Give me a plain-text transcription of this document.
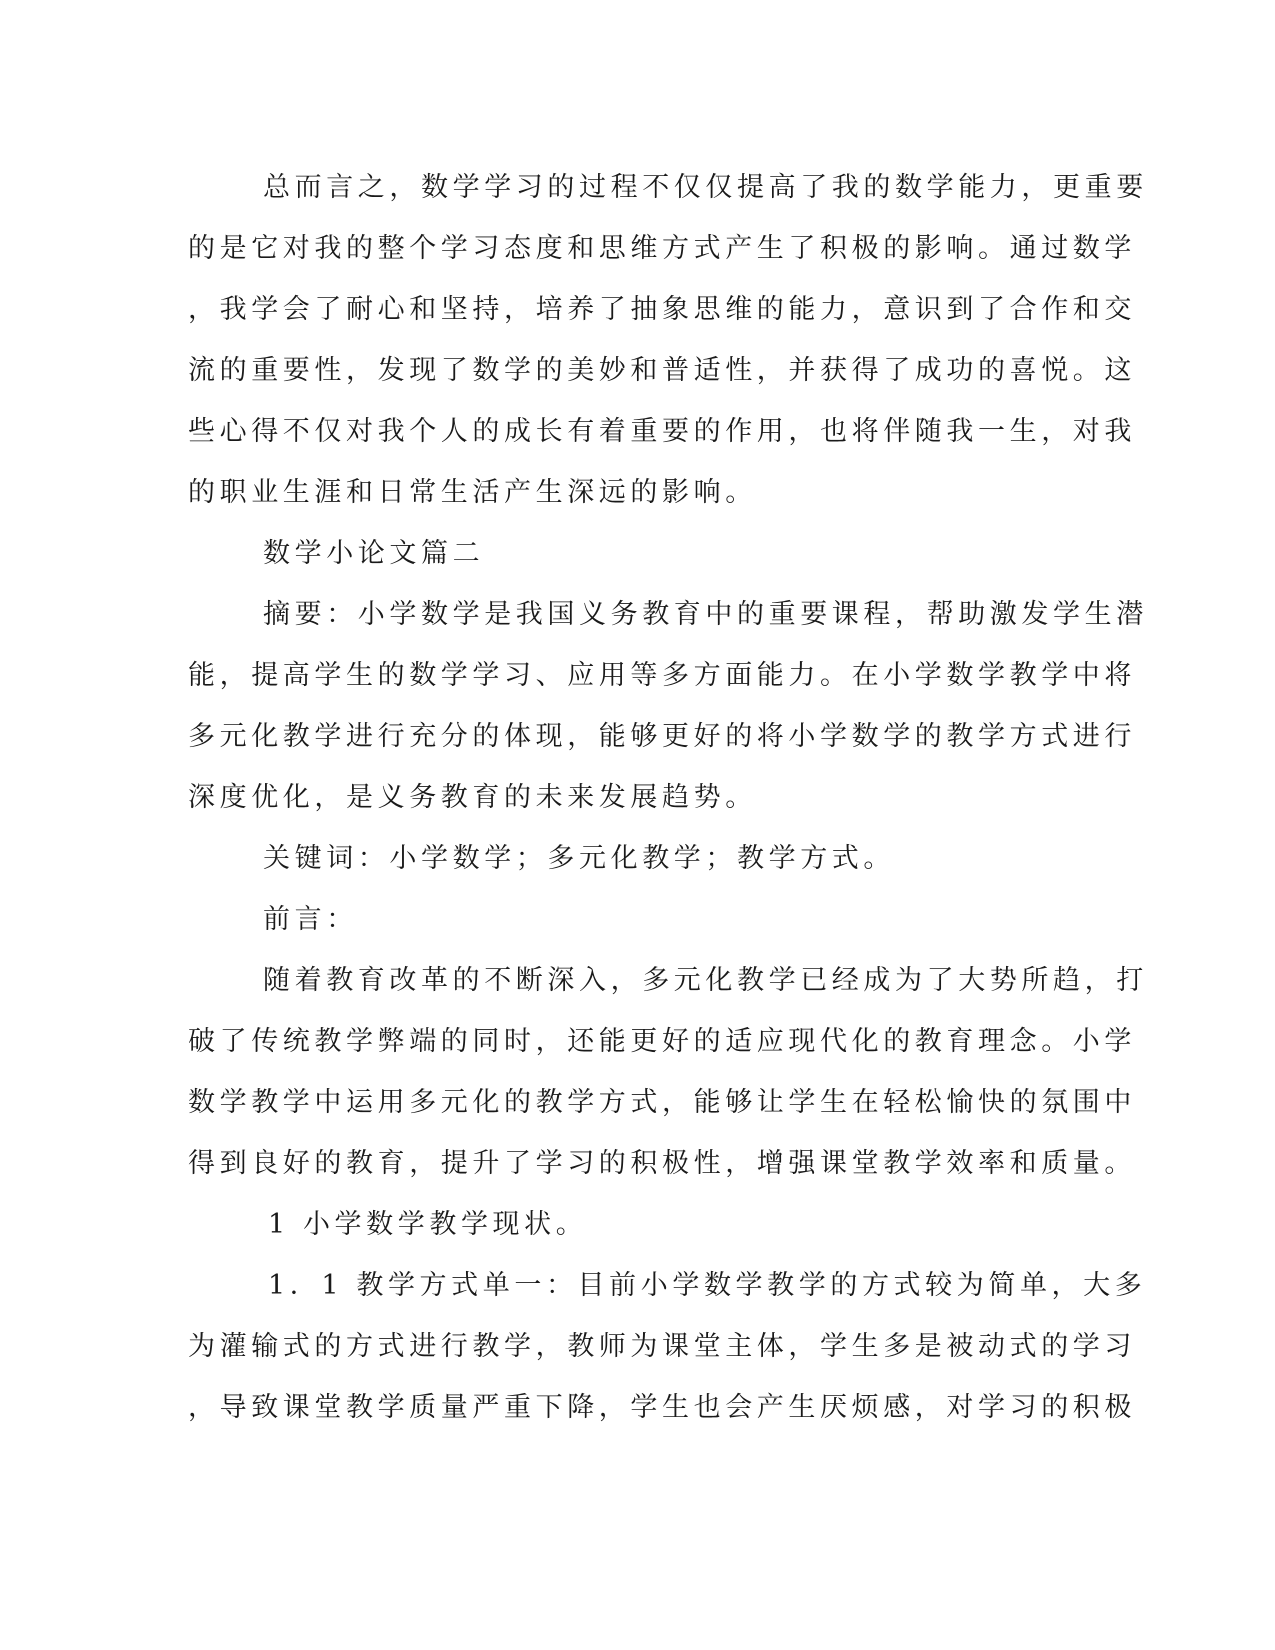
总而言之，数学学习的过程不仅仅提高了我的数学能力，更重要

的是它对我的整个学习态度和思维方式产生了积极的影响。通过数学

，我学会了耐心和坚持，培养了抽象思维的能力，意识到了合作和交

流的重要性，发现了数学的美妙和普适性，并获得了成功的喜悦。这

些心得不仅对我个人的成长有着重要的作用，也将伴随我一生，对我

的职业生涯和日常生活产生深远的影响。

数学小论文篇二

摘要：小学数学是我国义务教育中的重要课程，帮助激发学生潜

能，提高学生的数学学习、应用等多方面能力。在小学数学教学中将

多元化教学进行充分的体现，能够更好的将小学数学的教学方式进行

深度优化，是义务教育的未来发展趋势。

关键词：小学数学；多元化教学；教学方式。

前言：

随着教育改革的不断深入，多元化教学已经成为了大势所趋，打

破了传统教学弊端的同时，还能更好的适应现代化的教育理念。小学

数学教学中运用多元化的教学方式，能够让学生在轻松愉快的氛围中

得到良好的教育，提升了学习的积极性，增强课堂教学效率和质量。

1 小学数学教学现状。

1．1 教学方式单一：目前小学数学教学的方式较为简单，大多

为灌输式的方式进行教学，教师为课堂主体，学生多是被动式的学习

，导致课堂教学质量严重下降，学生也会产生厌烦感，对学习的积极
